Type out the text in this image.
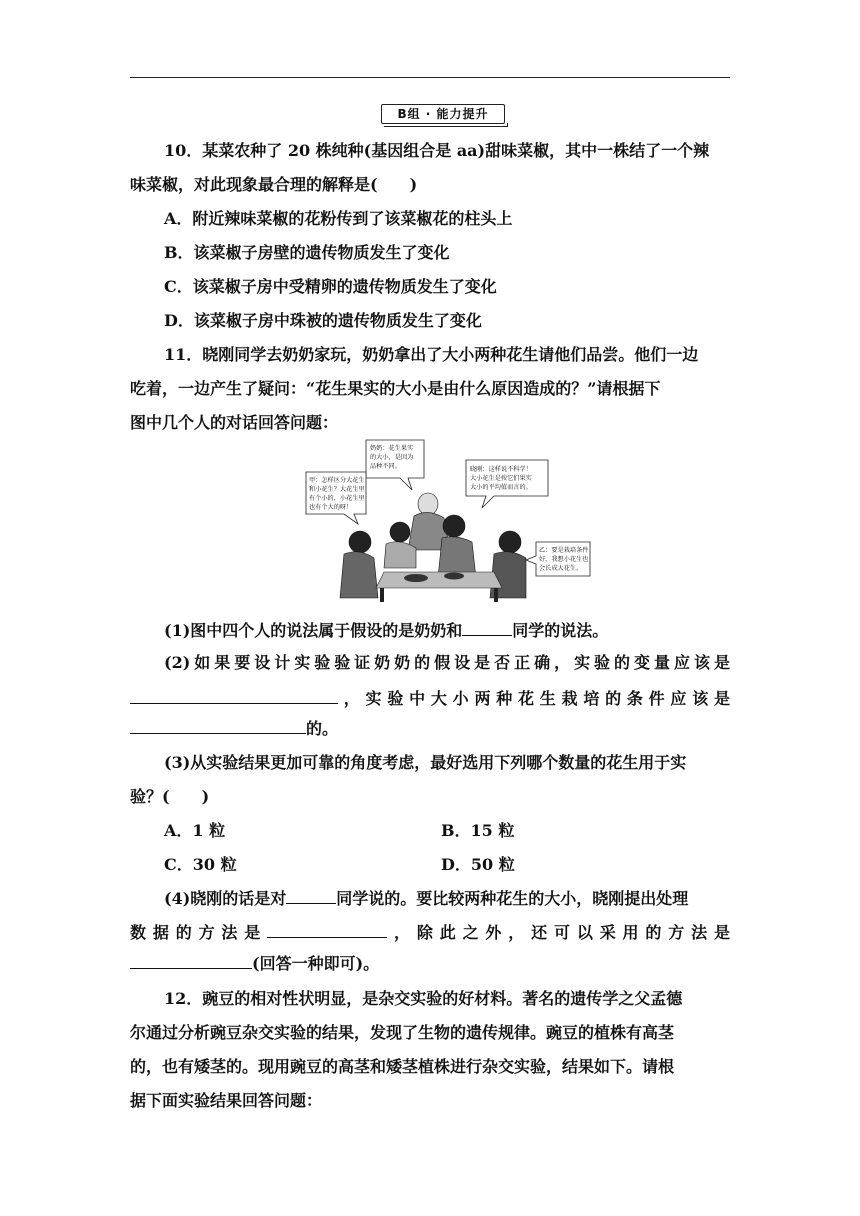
B组 · 能力提升
10．某菜农种了 20 株纯种(基因组合是 aa)甜味菜椒，其中一株结了一个辣
味菜椒，对此现象最合理的解释是(　　)
A．附近辣味菜椒的花粉传到了该菜椒花的柱头上
B．该菜椒子房壁的遗传物质发生了变化
C．该菜椒子房中受精卵的遗传物质发生了变化
D．该菜椒子房中珠被的遗传物质发生了变化
11．晓刚同学去奶奶家玩，奶奶拿出了大小两种花生请他们品尝。他们一边
吃着，一边产生了疑问：“花生果实的大小是由什么原因造成的？”请根据下
图中几个人的对话回答问题：
奶奶：花生果实
的大小，是因为
品种不同。
甲：怎样区分大花生
和小花生？大花生里
有个小的，小花生里
也有个大的呀！
晓刚：这样说不科学！
大小花生是按它们果实
大小的平均值而言的。
乙：要是栽培条件
好，我想小花生也
会长成大花生。
(1)图中四个人的说法属于假设的是奶奶和	同学的说法。
(2)如果要设计实验验证奶奶的假设是否正确，实验的变量应该是
，实验中大小两种花生栽培的条件应该是
的。
(3)从实验结果更加可靠的角度考虑，最好选用下列哪个数量的花生用于实
验？(　　)
A．1 粒	B．15 粒
C．30 粒	D．50 粒
(4)晓刚的话是对	同学说的。要比较两种花生的大小，晓刚提出处理
数据的方法是	，除此之外，还可以采用的方法是
(回答一种即可)。
12．豌豆的相对性状明显，是杂交实验的好材料。著名的遗传学之父孟德
尔通过分析豌豆杂交实验的结果，发现了生物的遗传规律。豌豆的植株有高茎
的，也有矮茎的。现用豌豆的高茎和矮茎植株进行杂交实验，结果如下。请根
据下面实验结果回答问题：
